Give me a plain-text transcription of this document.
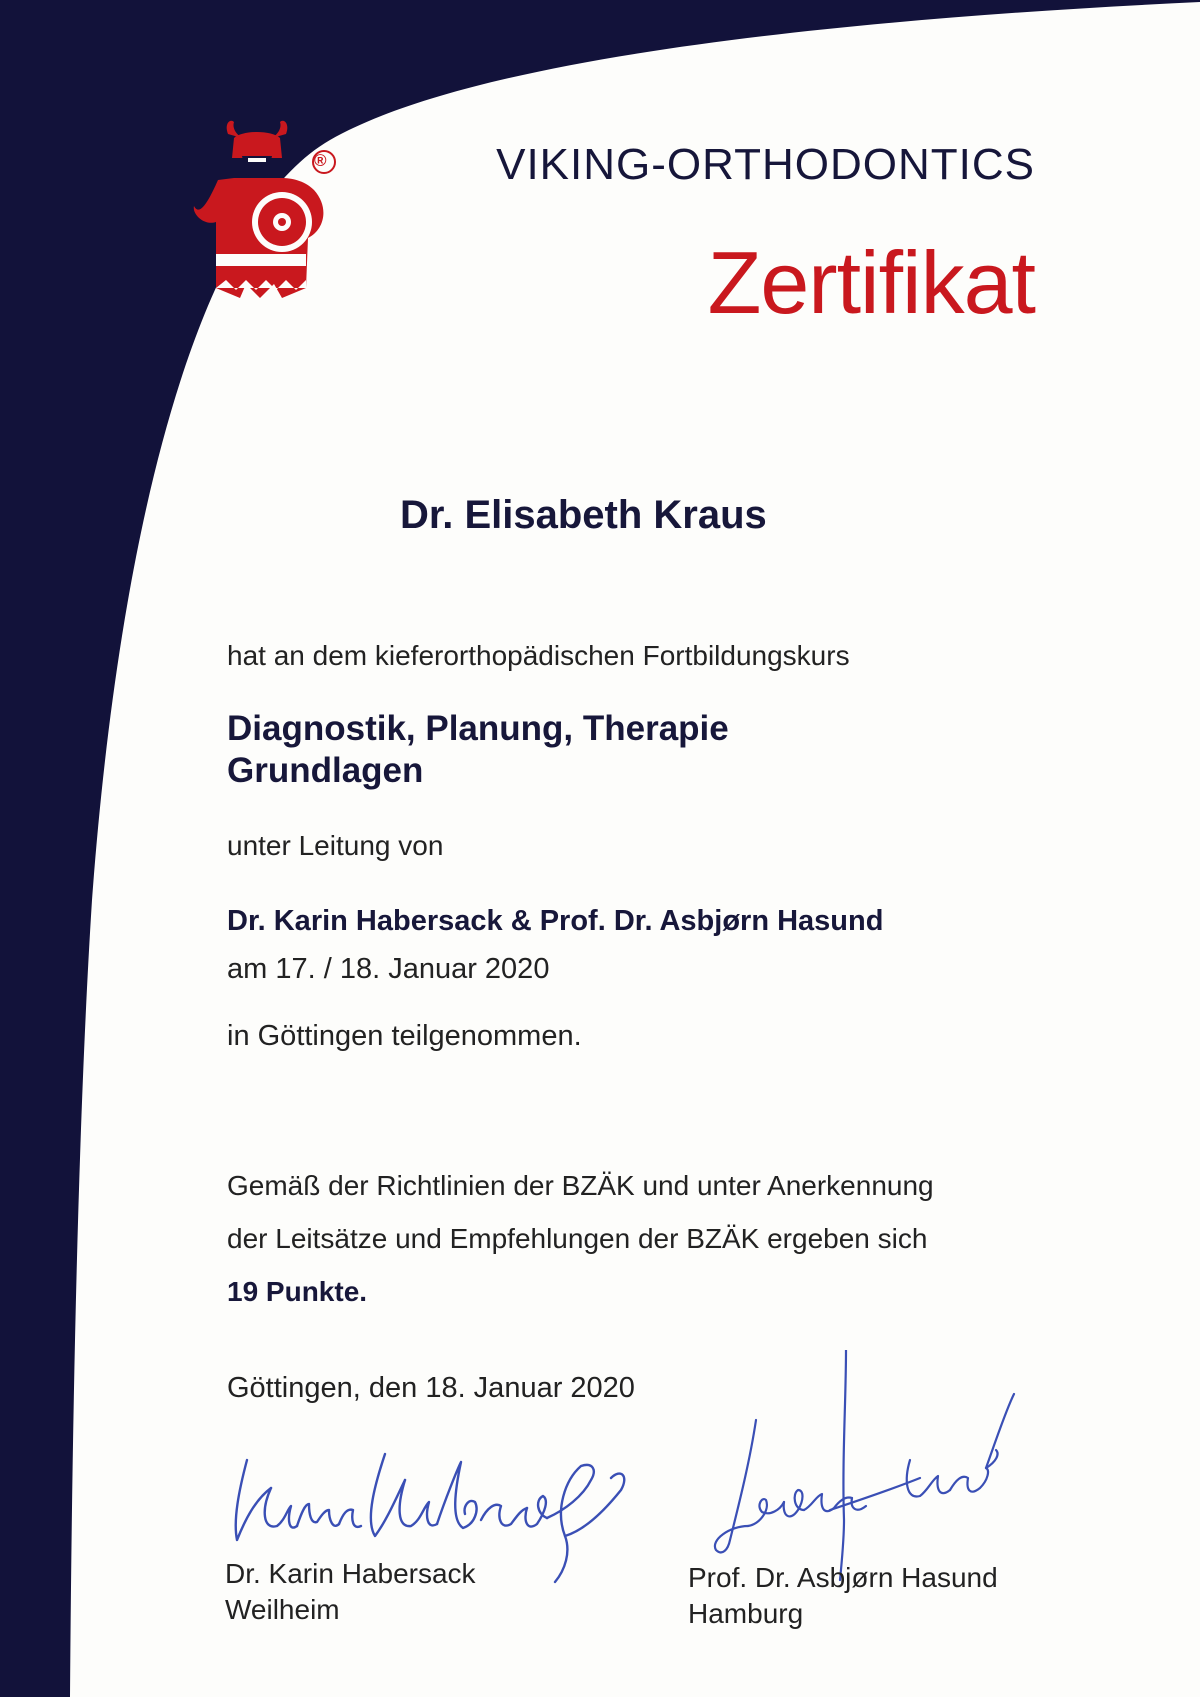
®	VIKING-ORTHODONTICS
Zertifikat
Dr. Elisabeth Kraus
hat an dem kieferorthopädischen Fortbildungskurs
Diagnostik, Planung, Therapie
Grundlagen
unter Leitung von
Dr. Karin Habersack & Prof. Dr. Asbjørn Hasund
am 17. / 18. Januar 2020
in Göttingen teilgenommen.
Gemäß der Richtlinien der BZÄK und unter Anerkennung
der Leitsätze und Empfehlungen der BZÄK ergeben sich
19 Punkte.
Göttingen, den 18. Januar 2020
Dr. Karin Habersack
Weilheim
Prof. Dr. Asbjørn Hasund
Hamburg
